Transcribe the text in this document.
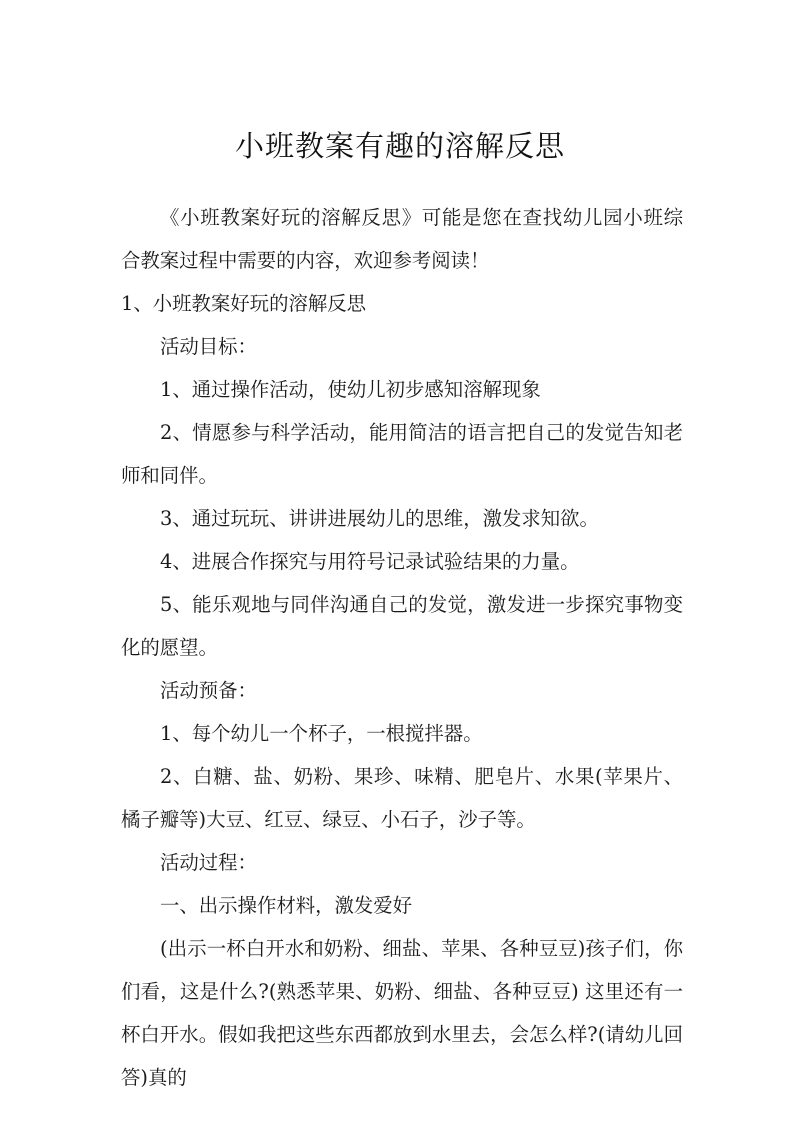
小班教案有趣的溶解反思

《小班教案好玩的溶解反思》可能是您在查找幼儿园小班综合教案过程中需要的内容，欢迎参考阅读！

1、小班教案好玩的溶解反思

活动目标：

1、通过操作活动，使幼儿初步感知溶解现象

2、情愿参与科学活动，能用简洁的语言把自己的发觉告知老师和同伴。

3、通过玩玩、讲讲进展幼儿的思维，激发求知欲。

4、进展合作探究与用符号记录试验结果的力量。

5、能乐观地与同伴沟通自己的发觉，激发进一步探究事物变化的愿望。

活动预备：

1、每个幼儿一个杯子，一根搅拌器。

2、白糖、盐、奶粉、果珍、味精、肥皂片、水果(苹果片、橘子瓣等)大豆、红豆、绿豆、小石子，沙子等。

活动过程：

一、出示操作材料，激发爱好

(出示一杯白开水和奶粉、细盐、苹果、各种豆豆)孩子们，你们看，这是什么?(熟悉苹果、奶粉、细盐、各种豆豆) 这里还有一杯白开水。假如我把这些东西都放到水里去，会怎么样?(请幼儿回答)真的
